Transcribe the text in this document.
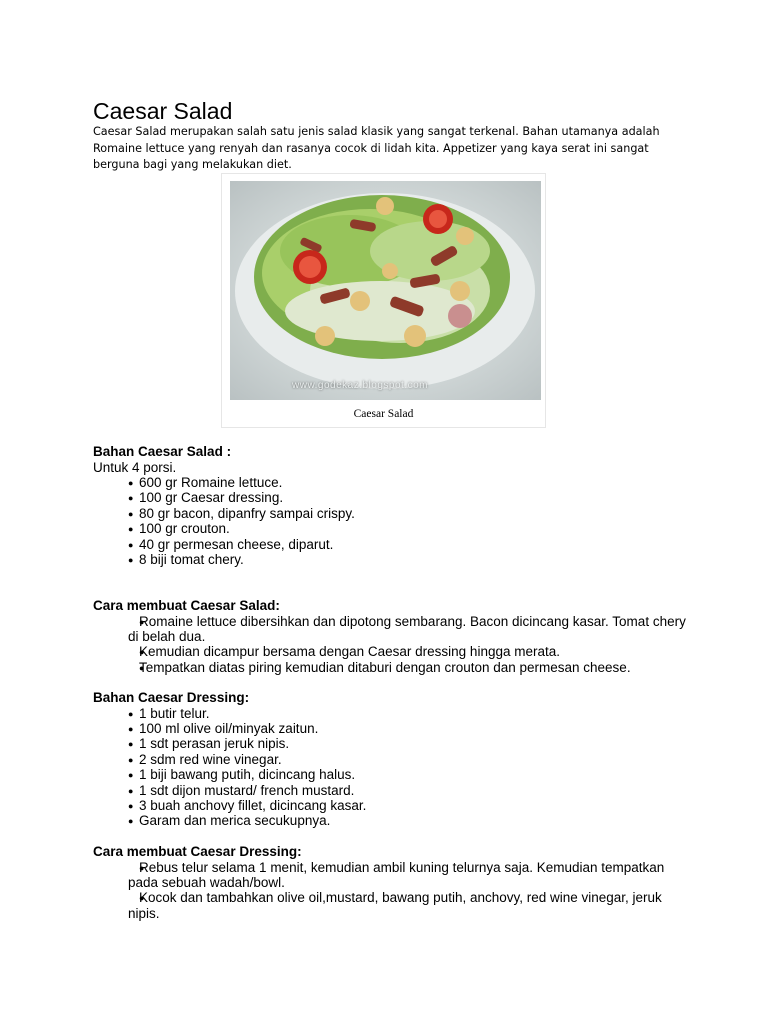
Caesar Salad

Caesar Salad merupakan salah satu jenis salad klasik yang sangat terkenal. Bahan utamanya adalah Romaine lettuce yang renyah dan rasanya cocok di lidah kita. Appetizer yang kaya serat ini sangat berguna bagi yang melakukan diet.

www.godekaz.blogspot.com
Caesar Salad

Bahan Caesar Salad :

Untuk 4 porsi.

● 600 gr Romaine lettuce.
● 100 gr Caesar dressing.
● 80 gr bacon, dipanfry sampai crispy.
● 100 gr crouton.
● 40 gr permesan cheese, diparut.
● 8 biji tomat chery.

Cara membuat Caesar Salad:

● Romaine lettuce dibersihkan dan dipotong sembarang. Bacon dicincang kasar. Tomat chery di belah dua.
● Kemudian dicampur bersama dengan Caesar dressing hingga merata.
● Tempatkan diatas piring kemudian ditaburi dengan crouton dan permesan cheese.

Bahan Caesar Dressing:

● 1 butir telur.
● 100 ml olive oil/minyak zaitun.
● 1 sdt perasan jeruk nipis.
● 2 sdm red wine vinegar.
● 1 biji bawang putih, dicincang halus.
● 1 sdt dijon mustard/ french mustard.
● 3 buah anchovy fillet, dicincang kasar.
● Garam dan merica secukupnya.

Cara membuat Caesar Dressing:

● Rebus telur selama 1 menit, kemudian ambil kuning telurnya saja. Kemudian tempatkan pada sebuah wadah/bowl.
● Kocok dan tambahkan olive oil,mustard, bawang putih, anchovy, red wine vinegar, jeruk nipis.
